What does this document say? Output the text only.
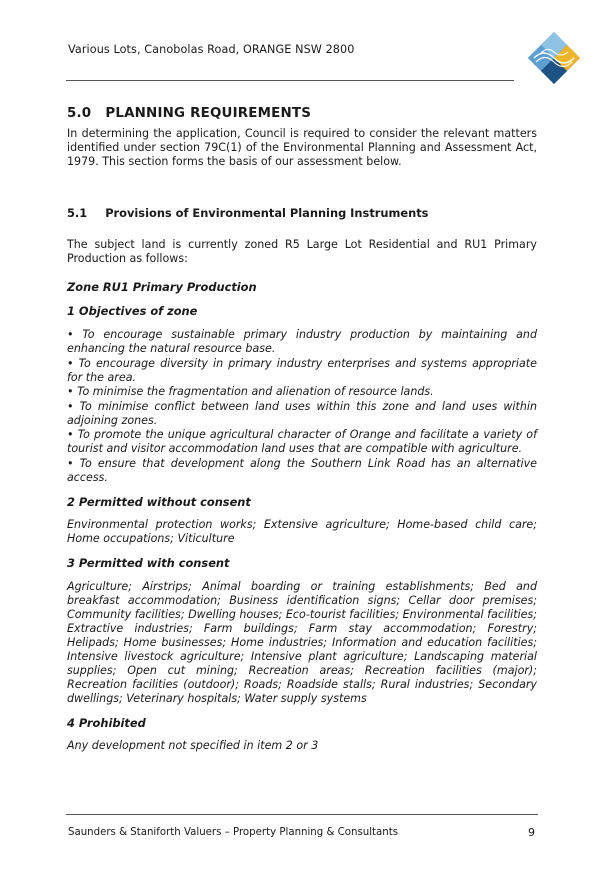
Various Lots, Canobolas Road, ORANGE NSW 2800
5.0 PLANNING REQUIREMENTS

In determining the application, Council is required to consider the relevant matters identified under section 79C(1) of the Environmental Planning and Assessment Act, 1979. This section forms the basis of our assessment below.

5.1 Provisions of Environmental Planning Instruments

The subject land is currently zoned R5 Large Lot Residential and RU1 Primary Production as follows:

Zone RU1 Primary Production
1 Objectives of zone
• To encourage sustainable primary industry production by maintaining and enhancing the natural resource base.
• To encourage diversity in primary industry enterprises and systems appropriate for the area.
• To minimise the fragmentation and alienation of resource lands.
• To minimise conflict between land uses within this zone and land uses within adjoining zones.
• To promote the unique agricultural character of Orange and facilitate a variety of tourist and visitor accommodation land uses that are compatible with agriculture.
• To ensure that development along the Southern Link Road has an alternative access.
2 Permitted without consent

Environmental protection works; Extensive agriculture; Home-based child care; Home occupations; Viticulture

3 Permitted with consent

Agriculture; Airstrips; Animal boarding or training establishments; Bed and breakfast accommodation; Business identification signs; Cellar door premises; Community facilities; Dwelling houses; Eco-tourist facilities; Environmental facilities; Extractive industries; Farm buildings; Farm stay accommodation; Forestry; Helipads; Home businesses; Home industries; Information and education facilities; Intensive livestock agriculture; Intensive plant agriculture; Landscaping material supplies; Open cut mining; Recreation areas; Recreation facilities (major); Recreation facilities (outdoor); Roads; Roadside stalls; Rural industries; Secondary dwellings; Veterinary hospitals; Water supply systems

4 Prohibited

Any development not specified in item 2 or 3

Saunders & Staniforth Valuers – Property Planning & Consultants	9
